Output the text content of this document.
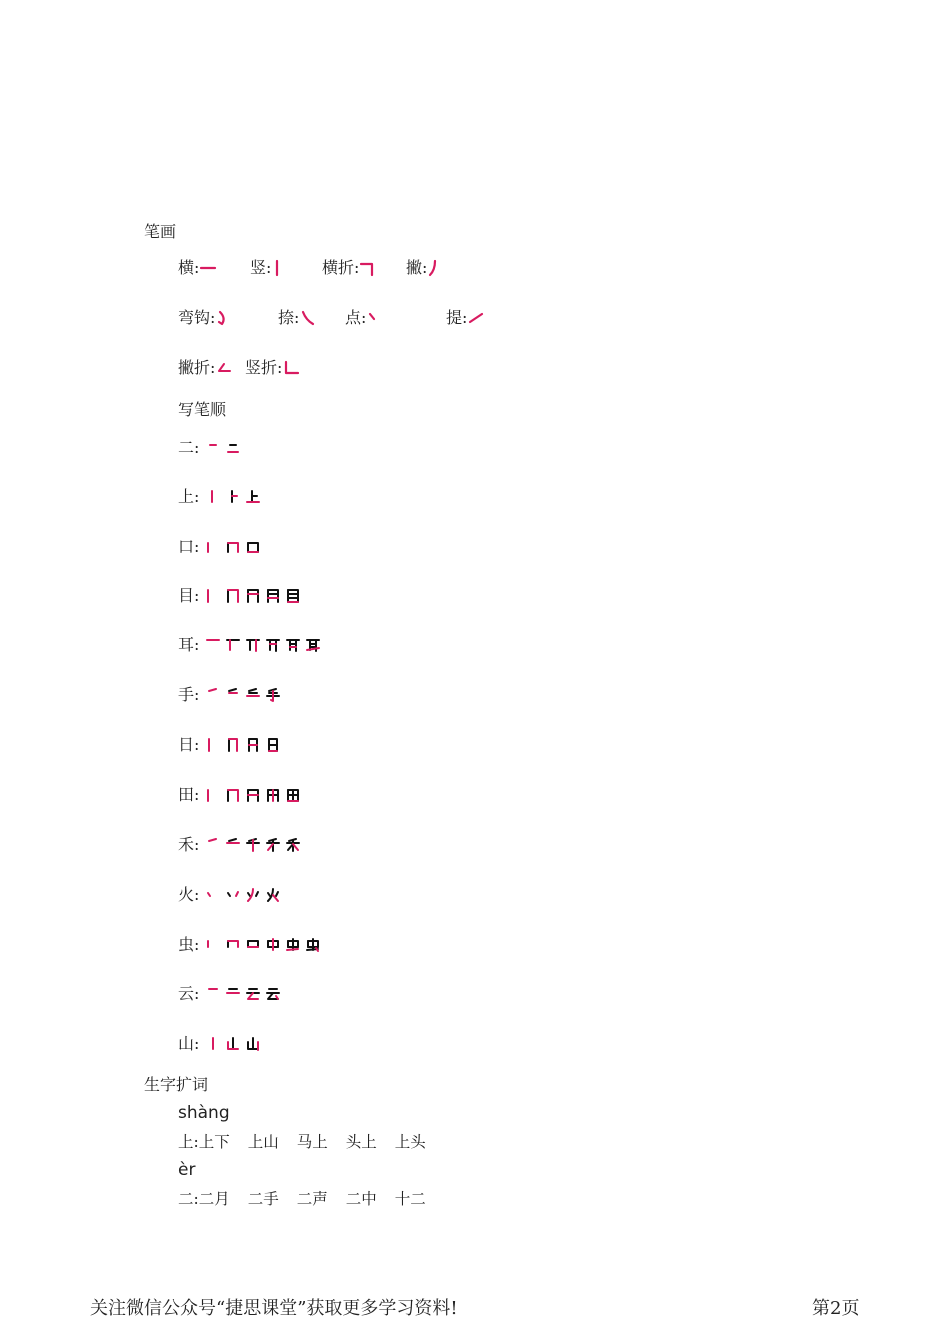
笔画
横:	竖:	横折:	撇:
弯钩:	捺:	点:	提:
撇折: 竖折:
写笔顺
二:
上:
口:
目:
耳:
手:
日:
田:
禾:
火:
虫:
云:
山:
生字扩词
shàng
上: 上下 上山 马上 头上 上头
èr
二: 二月 二手 二声 二中 十二
关注微信公众号“捷思课堂”获取更多学习资料!	第2页
